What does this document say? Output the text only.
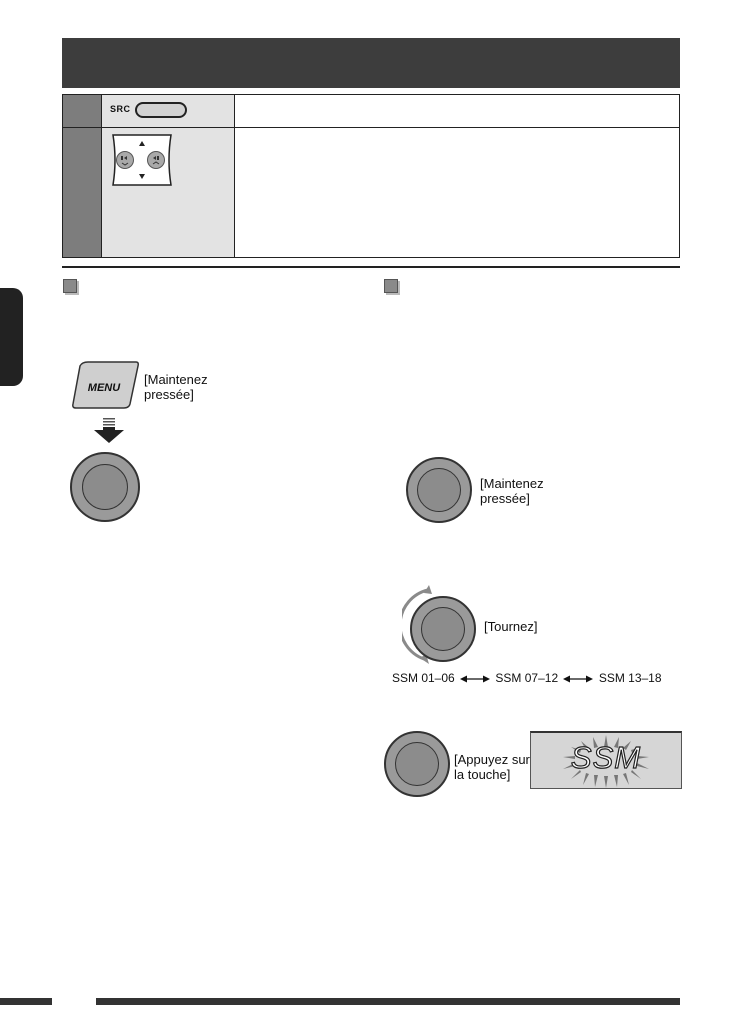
SRC
MENU
[Maintenez
pressée]
[Maintenez
pressée]
[Tournez]
SSM 01–06	SSM 07–12	SSM 13–18
[Appuyez sur
la touche]	SSM
